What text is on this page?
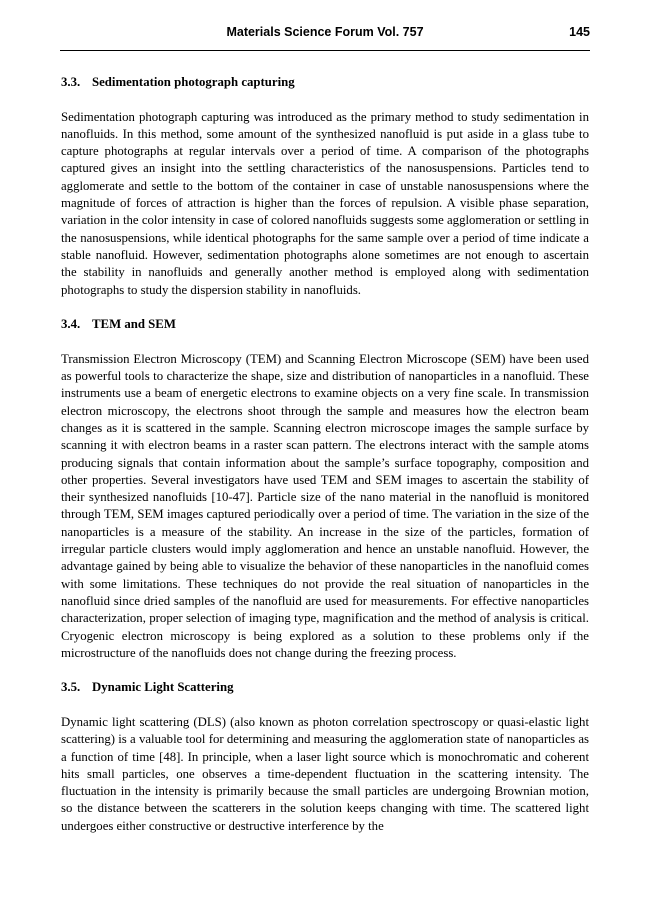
Materials Science Forum Vol. 757	145
3.3. Sedimentation photograph capturing

Sedimentation photograph capturing was introduced as the primary method to study sedimentation in nanofluids. In this method, some amount of the synthesized nanofluid is put aside in a glass tube to capture photographs at regular intervals over a period of time. A comparison of the photographs captured gives an insight into the settling characteristics of the nanosuspensions. Particles tend to agglomerate and settle to the bottom of the container in case of unstable nanosuspensions where the magnitude of forces of attraction is higher than the forces of repulsion. A visible phase separation, variation in the color intensity in case of colored nanofluids suggests some agglomeration or settling in the nanosuspensions, while identical photographs for the same sample over a period of time indicate a stable nanofluid. However, sedimentation photographs alone sometimes are not enough to ascertain the stability in nanofluids and generally another method is employed along with sedimentation photographs to study the dispersion stability in nanofluids.

3.4. TEM and SEM

Transmission Electron Microscopy (TEM) and Scanning Electron Microscope (SEM) have been used as powerful tools to characterize the shape, size and distribution of nanoparticles in a nanofluid. These instruments use a beam of energetic electrons to examine objects on a very fine scale. In transmission electron microscopy, the electrons shoot through the sample and measures how the electron beam changes as it is scattered in the sample. Scanning electron microscope images the sample surface by scanning it with electron beams in a raster scan pattern. The electrons interact with the sample atoms producing signals that contain information about the sample’s surface topography, composition and other properties. Several investigators have used TEM and SEM images to ascertain the stability of their synthesized nanofluids [10-47]. Particle size of the nano material in the nanofluid is monitored through TEM, SEM images captured periodically over a period of time. The variation in the size of the nanoparticles is a measure of the stability. An increase in the size of the particles, formation of irregular particle clusters would imply agglomeration and hence an unstable nanofluid. However, the advantage gained by being able to visualize the behavior of these nanoparticles in the nanofluid comes with some limitations. These techniques do not provide the real situation of nanoparticles in the nanofluid since dried samples of the nanofluid are used for measurements. For effective nanoparticles characterization, proper selection of imaging type, magnification and the method of analysis is critical. Cryogenic electron microscopy is being explored as a solution to these problems only if the microstructure of the nanofluids does not change during the freezing process.

3.5. Dynamic Light Scattering

Dynamic light scattering (DLS) (also known as photon correlation spectroscopy or quasi-elastic light scattering) is a valuable tool for determining and measuring the agglomeration state of nanoparticles as a function of time [48]. In principle, when a laser light source which is monochromatic and coherent hits small particles, one observes a time-dependent fluctuation in the scattering intensity. The fluctuation in the intensity is primarily because the small particles are undergoing Brownian motion, so the distance between the scatterers in the solution keeps changing with time. The scattered light undergoes either constructive or destructive interference by the
